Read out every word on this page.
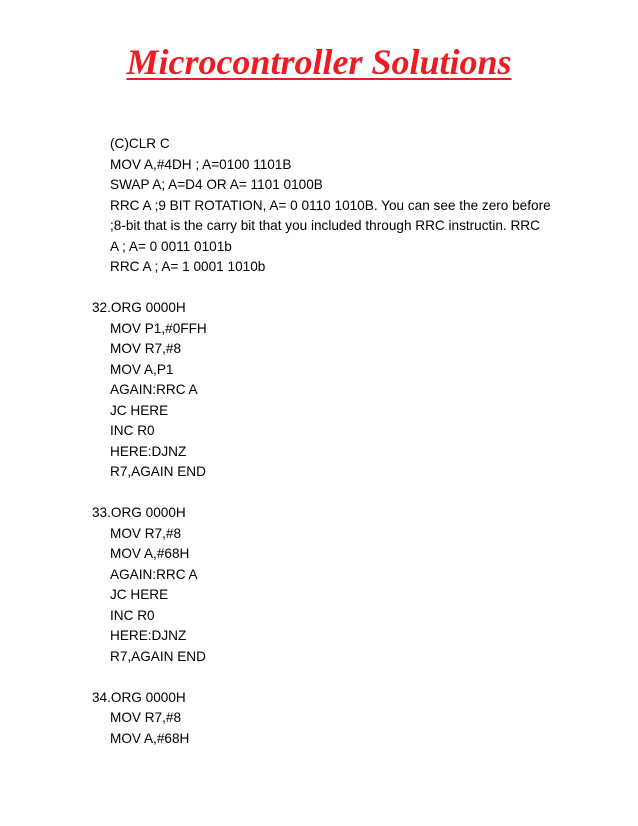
Microcontroller Solutions
(C)CLR C
MOV A,#4DH ; A=0100 1101B
SWAP A; A=D4 OR A= 1101 0100B
RRC A ;9 BIT ROTATION, A= 0 0110 1010B. You can see the zero before
;8-bit that is the carry bit that you included through RRC instructin. RRC
A ; A= 0 0011 0101b
RRC A ; A= 1 0001 1010b
32.ORG 0000H
MOV P1,#0FFH
MOV R7,#8
MOV A,P1
AGAIN:RRC A
JC HERE
INC R0
HERE:DJNZ
R7,AGAIN END
33.ORG 0000H
MOV R7,#8
MOV A,#68H
AGAIN:RRC A
JC HERE
INC R0
HERE:DJNZ
R7,AGAIN END
34.ORG 0000H
MOV R7,#8
MOV A,#68H
